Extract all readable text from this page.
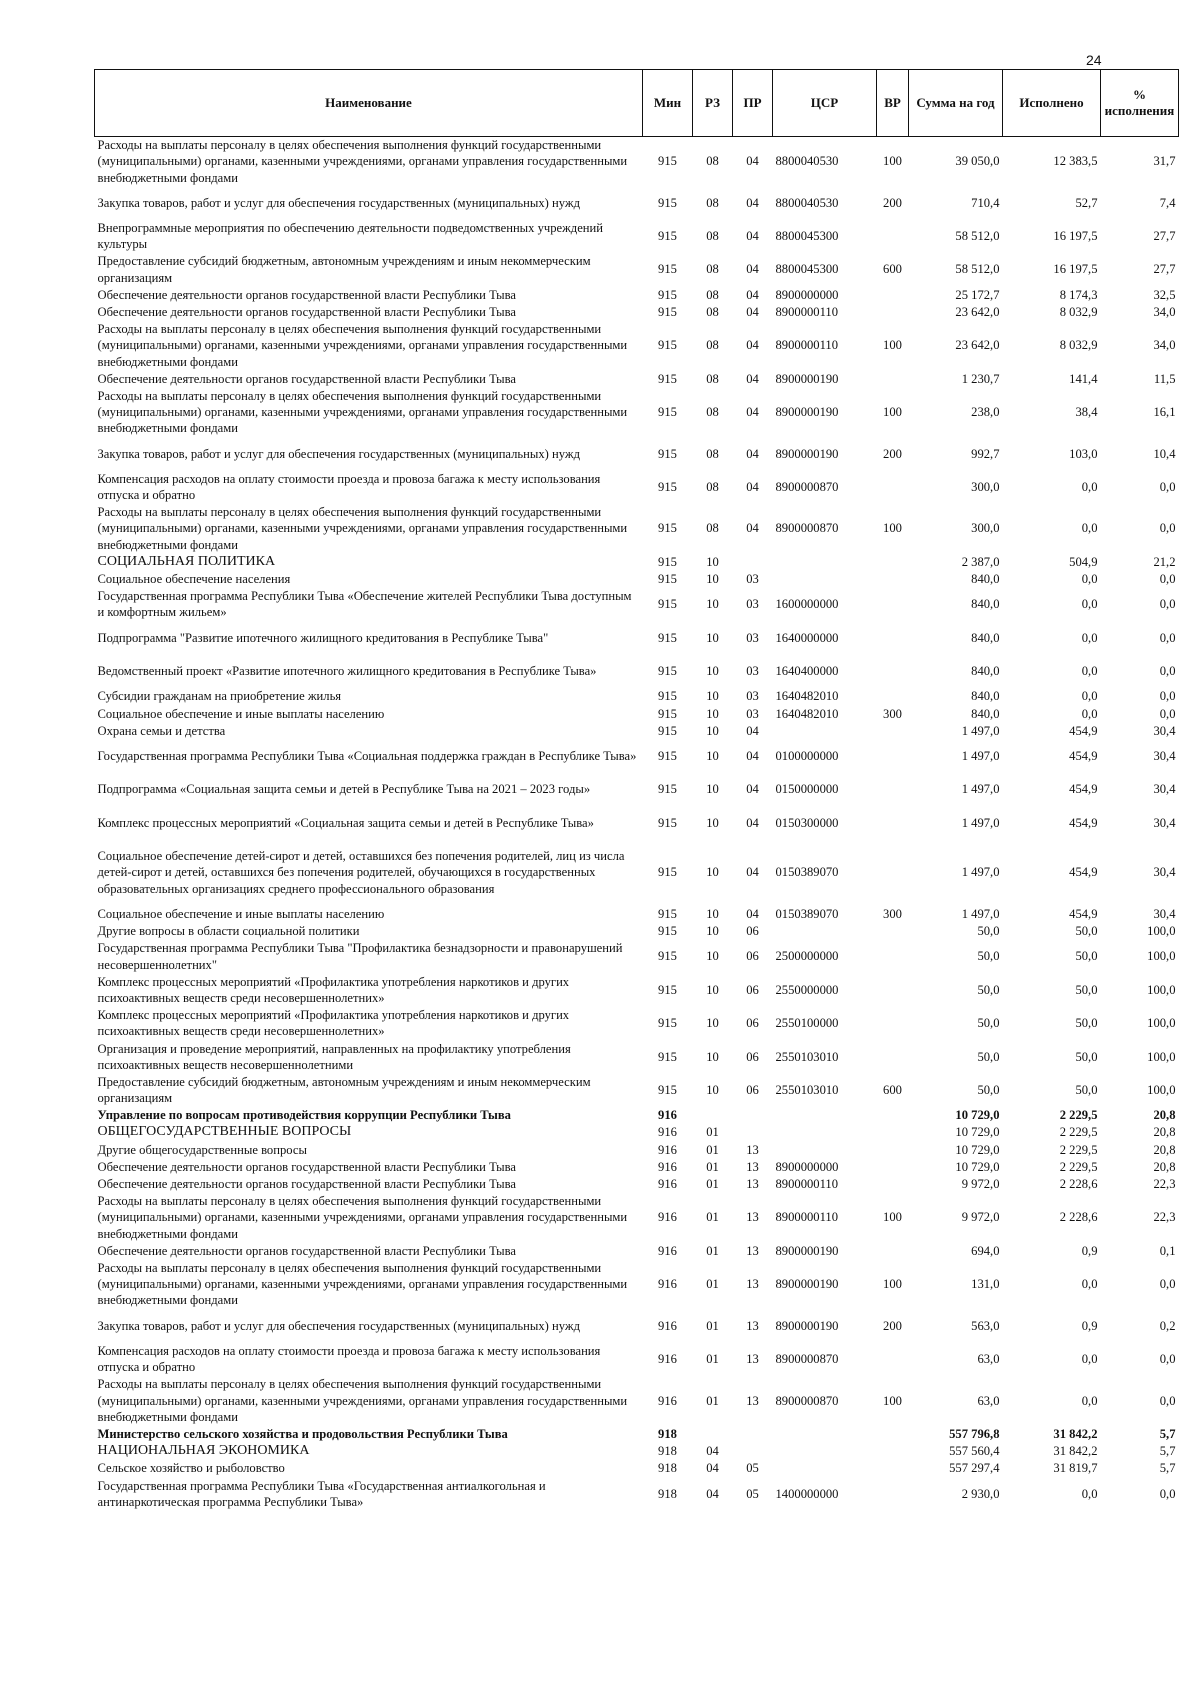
24
Наименование	Мин	РЗ	ПР	ЦСР	ВР	Сумма на год	Исполнено	% исполнения
Расходы на выплаты персоналу в целях обеспечения выполнения функций государственными (муниципальными) органами, казенными учреждениями, органами управления государственными внебюджетными фондами	915	08	04	8800040530	100	39 050,0	12 383,5	31,7
Закупка товаров, работ и услуг для обеспечения государственных (муниципальных) нужд	915	08	04	8800040530	200	710,4	52,7	7,4
Внепрограммные мероприятия по обеспечению деятельности подведомственных учреждений культуры	915	08	04	8800045300		58 512,0	16 197,5	27,7
Предоставление субсидий бюджетным, автономным учреждениям и иным некоммерческим организациям	915	08	04	8800045300	600	58 512,0	16 197,5	27,7
Обеспечение деятельности органов государственной власти Республики Тыва	915	08	04	8900000000		25 172,7	8 174,3	32,5
Обеспечение деятельности органов государственной власти Республики Тыва	915	08	04	8900000110		23 642,0	8 032,9	34,0
Расходы на выплаты персоналу в целях обеспечения выполнения функций государственными (муниципальными) органами, казенными учреждениями, органами управления государственными внебюджетными фондами	915	08	04	8900000110	100	23 642,0	8 032,9	34,0
Обеспечение деятельности органов государственной власти Республики Тыва	915	08	04	8900000190		1 230,7	141,4	11,5
Расходы на выплаты персоналу в целях обеспечения выполнения функций государственными (муниципальными) органами, казенными учреждениями, органами управления государственными внебюджетными фондами	915	08	04	8900000190	100	238,0	38,4	16,1
Закупка товаров, работ и услуг для обеспечения государственных (муниципальных) нужд	915	08	04	8900000190	200	992,7	103,0	10,4
Компенсация расходов на оплату стоимости проезда и провоза багажа к месту использования отпуска и обратно	915	08	04	8900000870		300,0	0,0	0,0
Расходы на выплаты персоналу в целях обеспечения выполнения функций государственными (муниципальными) органами, казенными учреждениями, органами управления государственными внебюджетными фондами	915	08	04	8900000870	100	300,0	0,0	0,0
СОЦИАЛЬНАЯ ПОЛИТИКА	915	10				2 387,0	504,9	21,2
Социальное обеспечение населения	915	10	03			840,0	0,0	0,0
Государственная программа Республики Тыва «Обеспечение жителей Республики Тыва доступным и комфортным жильем»	915	10	03	1600000000		840,0	0,0	0,0
Подпрограмма "Развитие ипотечного жилищного кредитования в Республике Тыва"	915	10	03	1640000000		840,0	0,0	0,0
Ведомственный проект «Развитие ипотечного жилищного кредитования в Республике Тыва»	915	10	03	1640400000		840,0	0,0	0,0
Субсидии гражданам на приобретение жилья	915	10	03	1640482010		840,0	0,0	0,0
Социальное обеспечение и иные выплаты населению	915	10	03	1640482010	300	840,0	0,0	0,0
Охрана семьи и детства	915	10	04			1 497,0	454,9	30,4
Государственная программа Республики Тыва «Социальная поддержка граждан в Республике Тыва»	915	10	04	0100000000		1 497,0	454,9	30,4
Подпрограмма «Социальная защита семьи и детей в Республике Тыва на 2021 – 2023 годы»	915	10	04	0150000000		1 497,0	454,9	30,4
Комплекс процессных мероприятий «Социальная защита семьи и детей в Республике Тыва»	915	10	04	0150300000		1 497,0	454,9	30,4
Социальное обеспечение детей-сирот и детей, оставшихся без попечения родителей, лиц из числа детей-сирот и детей, оставшихся без попечения родителей, обучающихся в государственных образовательных организациях среднего профессионального образования	915	10	04	0150389070		1 497,0	454,9	30,4
Социальное обеспечение и иные выплаты населению	915	10	04	0150389070	300	1 497,0	454,9	30,4
Другие вопросы в области социальной политики	915	10	06			50,0	50,0	100,0
Государственная программа Республики Тыва "Профилактика безнадзорности и правонарушений несовершеннолетних"	915	10	06	2500000000		50,0	50,0	100,0
Комплекс процессных мероприятий «Профилактика употребления наркотиков и других психоактивных веществ среди несовершеннолетних»	915	10	06	2550000000		50,0	50,0	100,0
Комплекс процессных мероприятий «Профилактика употребления наркотиков и других психоактивных веществ среди несовершеннолетних»	915	10	06	2550100000		50,0	50,0	100,0
Организация и проведение мероприятий, направленных на профилактику употребления психоактивных веществ несовершеннолетними	915	10	06	2550103010		50,0	50,0	100,0
Предоставление субсидий бюджетным, автономным учреждениям и иным некоммерческим организациям	915	10	06	2550103010	600	50,0	50,0	100,0
Управление по вопросам противодействия коррупции Республики Тыва	916					10 729,0	2 229,5	20,8
ОБЩЕГОСУДАРСТВЕННЫЕ ВОПРОСЫ	916	01				10 729,0	2 229,5	20,8
Другие общегосударственные вопросы	916	01	13			10 729,0	2 229,5	20,8
Обеспечение деятельности органов государственной власти Республики Тыва	916	01	13	8900000000		10 729,0	2 229,5	20,8
Обеспечение деятельности органов государственной власти Республики Тыва	916	01	13	8900000110		9 972,0	2 228,6	22,3
Расходы на выплаты персоналу в целях обеспечения выполнения функций государственными (муниципальными) органами, казенными учреждениями, органами управления государственными внебюджетными фондами	916	01	13	8900000110	100	9 972,0	2 228,6	22,3
Обеспечение деятельности органов государственной власти Республики Тыва	916	01	13	8900000190		694,0	0,9	0,1
Расходы на выплаты персоналу в целях обеспечения выполнения функций государственными (муниципальными) органами, казенными учреждениями, органами управления государственными внебюджетными фондами	916	01	13	8900000190	100	131,0	0,0	0,0
Закупка товаров, работ и услуг для обеспечения государственных (муниципальных) нужд	916	01	13	8900000190	200	563,0	0,9	0,2
Компенсация расходов на оплату стоимости проезда и провоза багажа к месту использования отпуска и обратно	916	01	13	8900000870		63,0	0,0	0,0
Расходы на выплаты персоналу в целях обеспечения выполнения функций государственными (муниципальными) органами, казенными учреждениями, органами управления государственными внебюджетными фондами	916	01	13	8900000870	100	63,0	0,0	0,0
Министерство сельского хозяйства и продовольствия Республики Тыва	918					557 796,8	31 842,2	5,7
НАЦИОНАЛЬНАЯ ЭКОНОМИКА	918	04				557 560,4	31 842,2	5,7
Сельское хозяйство и рыболовство	918	04	05			557 297,4	31 819,7	5,7
Государственная программа Республики Тыва «Государственная антиалкогольная и антинаркотическая программа Республики Тыва»	918	04	05	1400000000		2 930,0	0,0	0,0
